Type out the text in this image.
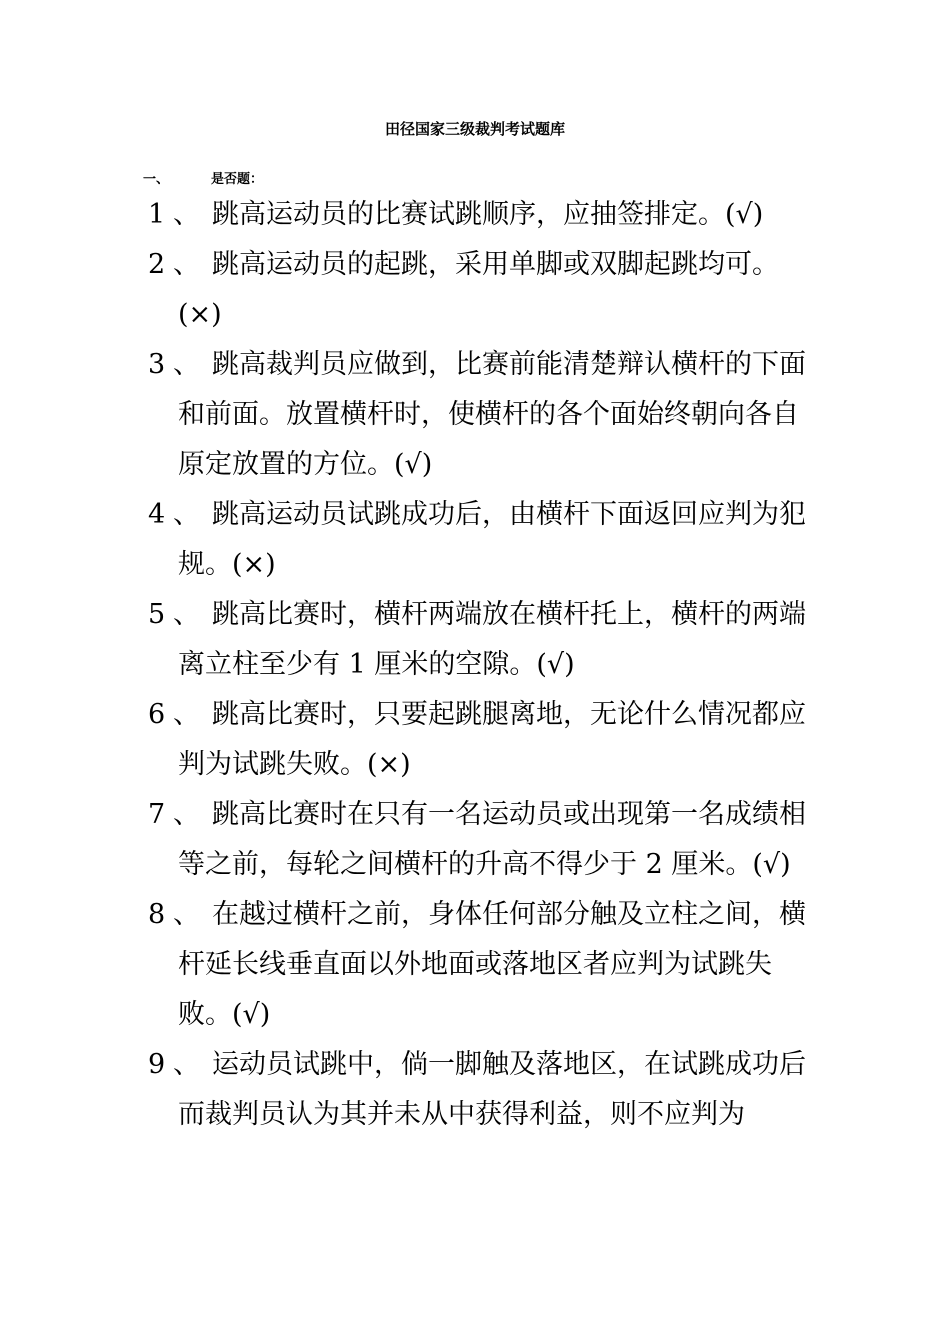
田径国家三级裁判考试题库
一、	是否题：
1 、 跳高运动员的比赛试跳顺序，应抽签排定。(√)
2 、 跳高运动员的起跳，采用单脚或双脚起跳均可。(×)
3 、 跳高裁判员应做到，比赛前能清楚辩认横杆的下面和前面。放置横杆时，使横杆的各个面始终朝向各自原定放置的方位。(√)
4 、 跳高运动员试跳成功后，由横杆下面返回应判为犯规。(×)
5 、 跳高比赛时，横杆两端放在横杆托上，横杆的两端离立柱至少有 1 厘米的空隙。(√)
6 、 跳高比赛时，只要起跳腿离地，无论什么情况都应判为试跳失败。(×)
7 、 跳高比赛时在只有一名运动员或出现第一名成绩相等之前，每轮之间横杆的升高不得少于 2 厘米。(√)
8 、 在越过横杆之前，身体任何部分触及立柱之间，横杆延长线垂直面以外地面或落地区者应判为试跳失败。(√)
9 、 运动员试跳中，倘一脚触及落地区，在试跳成功后而裁判员认为其并未从中获得利益，则不应判为
